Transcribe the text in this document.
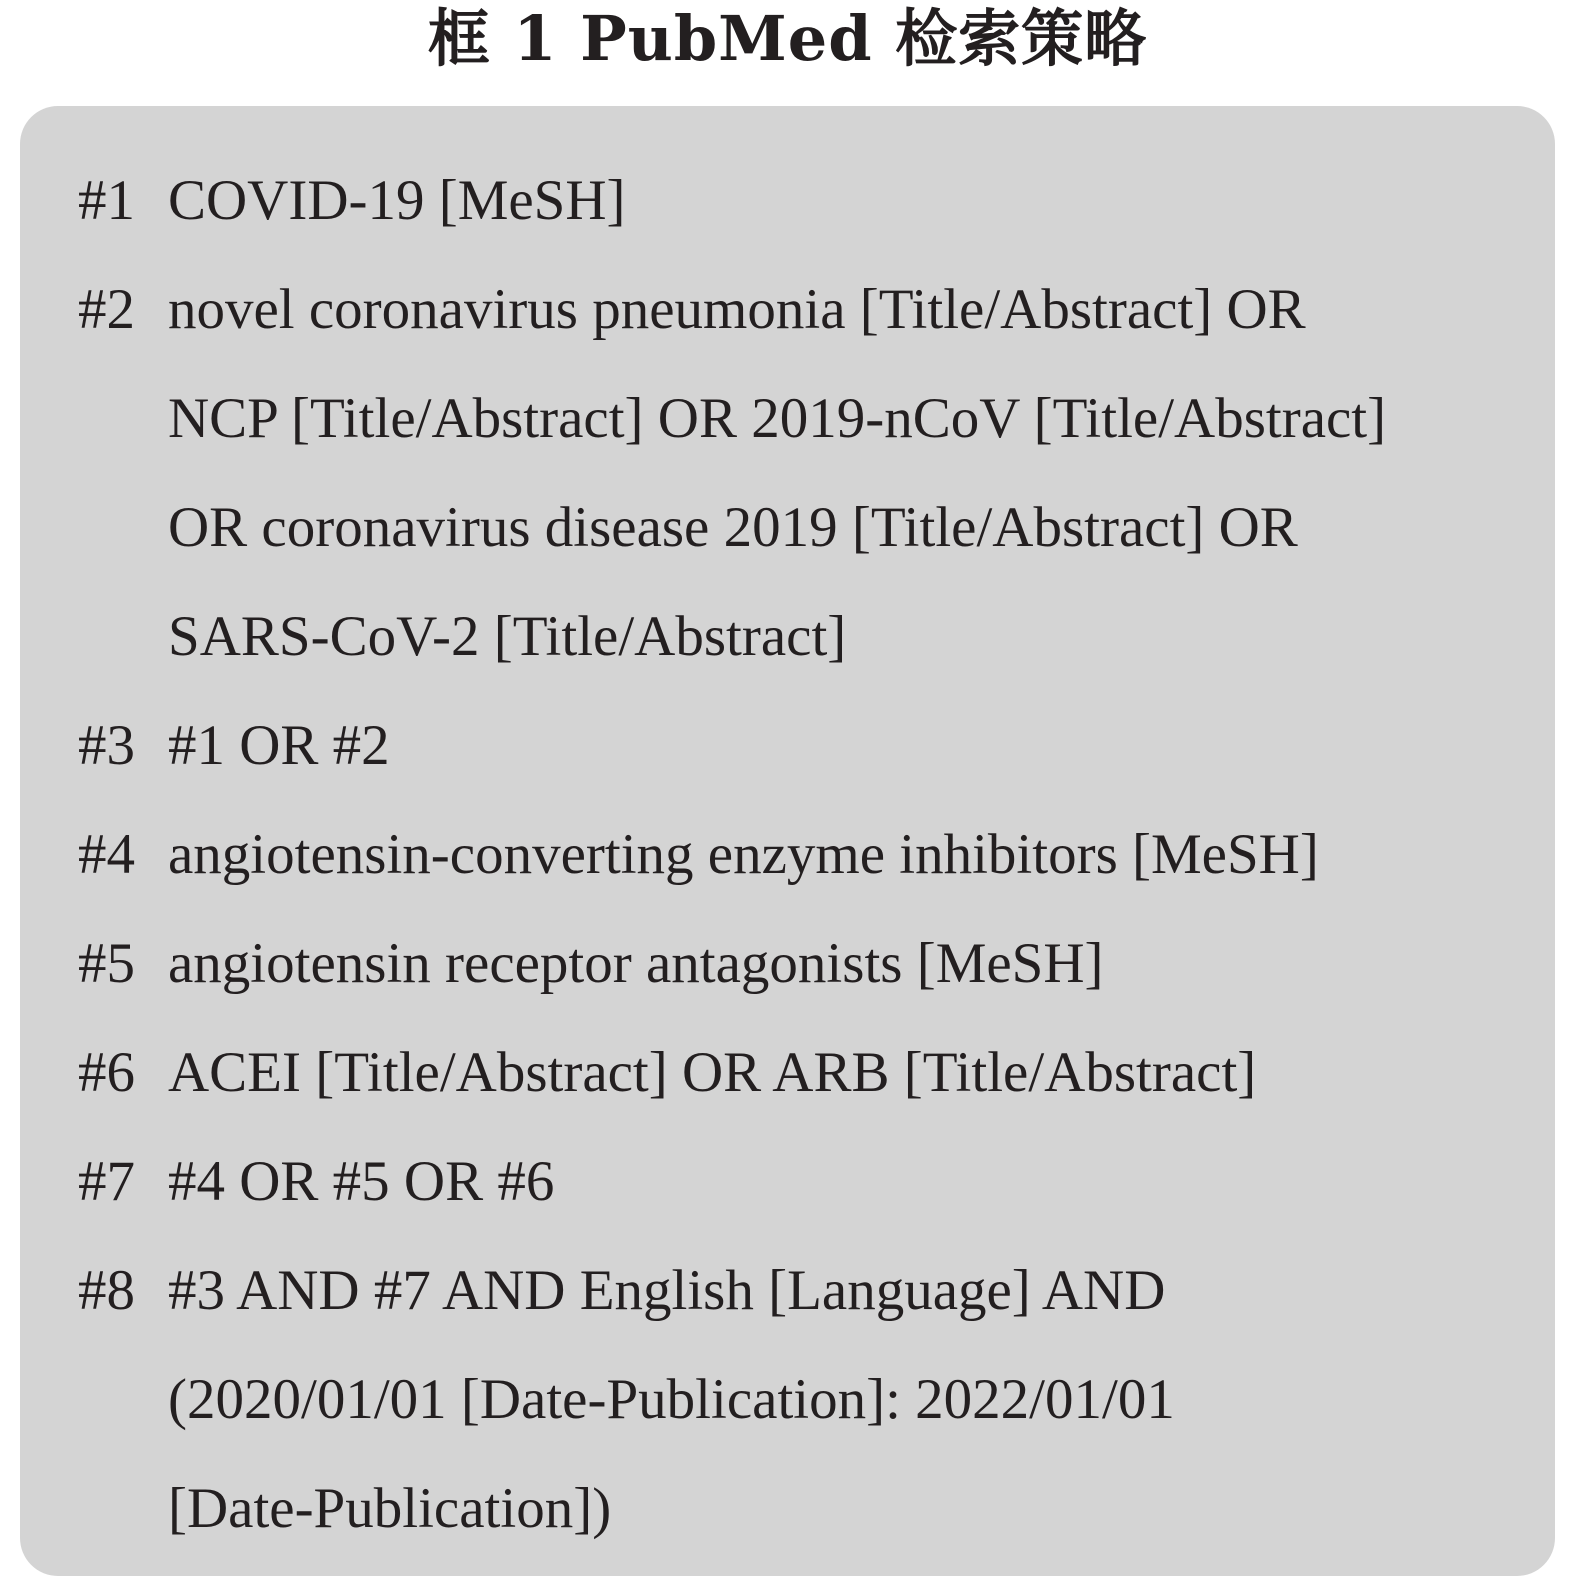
框 1 PubMed 检索策略
#1 COVID-19 [MeSH]
#2 novel coronavirus pneumonia [Title/Abstract] OR
NCP [Title/Abstract] OR 2019-nCoV [Title/Abstract]
OR coronavirus disease 2019 [Title/Abstract] OR
SARS-CoV-2 [Title/Abstract]
#3 #1 OR #2
#4 angiotensin-converting enzyme inhibitors [MeSH]
#5 angiotensin receptor antagonists [MeSH]
#6 ACEI [Title/Abstract] OR ARB [Title/Abstract]
#7 #4 OR #5 OR #6
#8 #3 AND #7 AND English [Language] AND
(2020/01/01 [Date-Publication]: 2022/01/01
[Date-Publication])
